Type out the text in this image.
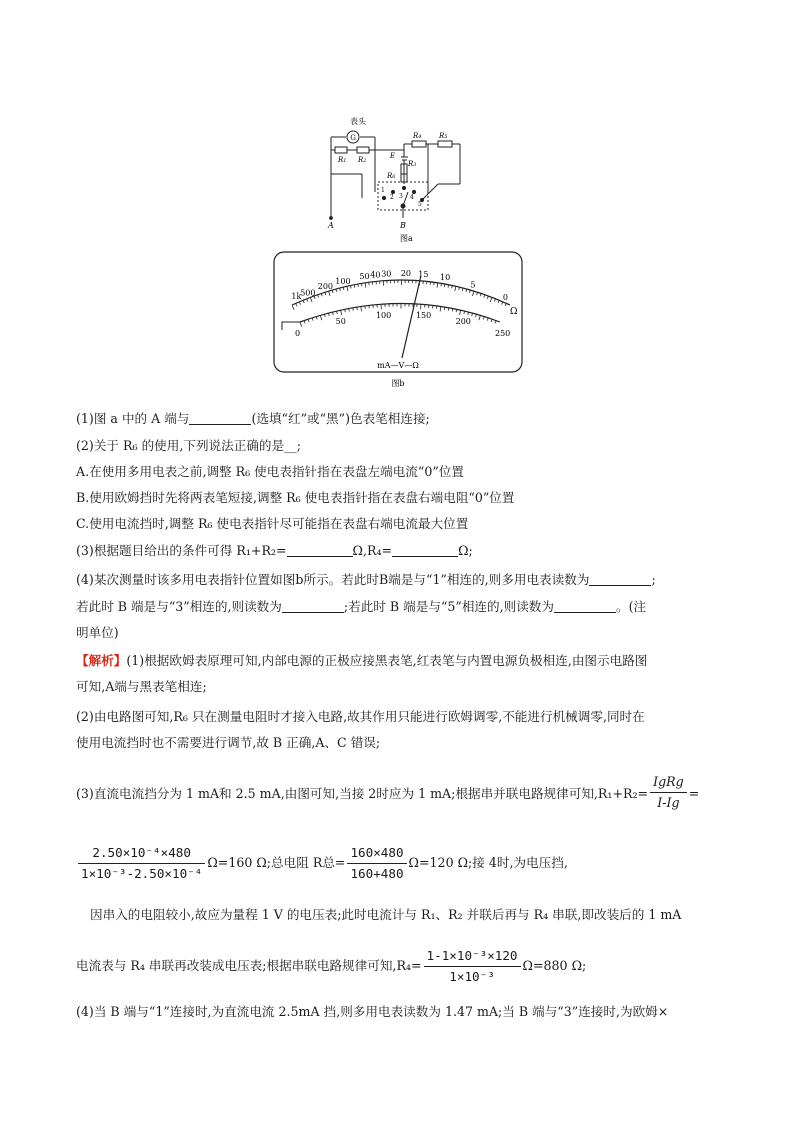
表头
G
R1 R2	R3
R4	R5
R6
E
A	B
1
2 3 4
5
图a
1k
500
200
100
50 40 30 20 15 10
5
0
0
50
100	150
200
250
Ω
mA—V—Ω
图b
(1)图 a 中的 A 端与	(选填“红”或“黑”)色表笔相连接;
(2)关于 R₆ 的使用,下列说法正确的是__;
A.在使用多用电表之前,调整 R₆ 使电表指针指在表盘左端电流“0”位置
B.使用欧姆挡时先将两表笔短接,调整 R₆ 使电表指针指在表盘右端电阻“0”位置
C.使用电流挡时,调整 R₆ 使电表指针尽可能指在表盘右端电流最大位置
(3)根据题目给出的条件可得 R₁+R₂=	Ω,R₄=	Ω;
(4)某次测量时该多用电表指针位置如图b所示。若此时B端是与“1”相连的,则多用电表读数为	;
若此时 B 端是与“3”相连的,则读数为	;若此时 B 端是与“5”相连的,则读数为	。(注
明单位)
【解析】(1)根据欧姆表原理可知,内部电源的正极应接黑表笔,红表笔与内置电源负极相连,由图示电路图
可知,A端与黑表笔相连;
(2)由电路图可知,R₆ 只在测量电阻时才接入电路,故其作用只能进行欧姆调零,不能进行机械调零,同时在
使用电流挡时也不需要进行调节,故 B 正确,A、C 错误;
(3)直流电流挡分为 1 mA和 2.5 mA,由图可知,当接 2时应为 1 mA;根据串并联电路规律可知$,R_1+R_2= \frac{\text{IgRg}}{I-Ig}$ =
$\frac{\text{2.50×10⁻⁴×480}}{\text{1×10⁻³-2.50×10⁻⁴}} \Omega=160$ Ω;总电阻 R总= $\frac{160\times 480}{160+480} \Omega=120$ Ω;接 4时,为电压挡,
因串入的电阻较小,故应为量程 1 V 的电压表;此时电流计与 R₁、R₂ 并联后再与 R₄ 串联,即改装后的 1 mA
电流表与 R₄ 串联再改装成电压表;根据串联电路规律可知$,R_4= \frac{\text{1-1×10⁻³×120}}{\text{1×10⁻³}} \Omega=880$ Ω;
(4)当 B 端与“1”连接时,为直流电流 2.5mA 挡,则多用电表读数为 1.47 mA;当 B 端与“3”连接时,为欧姆×
